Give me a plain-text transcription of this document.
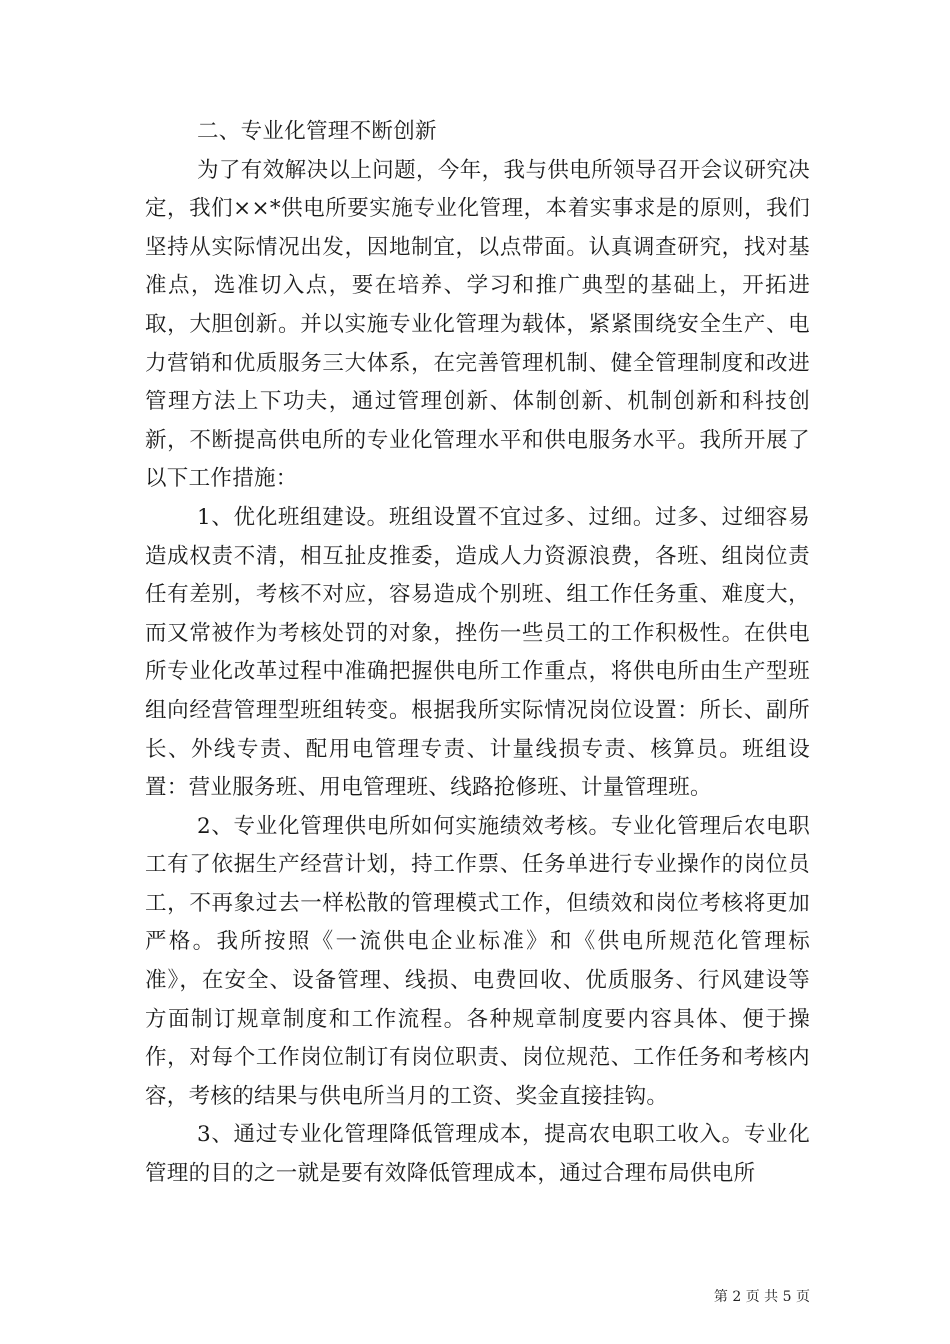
二、专业化管理不断创新

为了有效解决以上问题，今年，我与供电所领导召开会议研究决定，我们××*供电所要实施专业化管理，本着实事求是的原则，我们坚持从实际情况出发，因地制宜，以点带面。认真调查研究，找对基准点，选准切入点，要在培养、学习和推广典型的基础上，开拓进取，大胆创新。并以实施专业化管理为载体，紧紧围绕安全生产、电力营销和优质服务三大体系，在完善管理机制、健全管理制度和改进管理方法上下功夫，通过管理创新、体制创新、机制创新和科技创新，不断提高供电所的专业化管理水平和供电服务水平。我所开展了以下工作措施：

1、优化班组建设。班组设置不宜过多、过细。过多、过细容易造成权责不清，相互扯皮推委，造成人力资源浪费，各班、组岗位责任有差别，考核不对应，容易造成个别班、组工作任务重、难度大，而又常被作为考核处罚的对象，挫伤一些员工的工作积极性。在供电所专业化改革过程中准确把握供电所工作重点，将供电所由生产型班组向经营管理型班组转变。根据我所实际情况岗位设置：所长、副所长、外线专责、配用电管理专责、计量线损专责、核算员。班组设置：营业服务班、用电管理班、线路抢修班、计量管理班。

2、专业化管理供电所如何实施绩效考核。专业化管理后农电职工有了依据生产经营计划，持工作票、任务单进行专业操作的岗位员工，不再象过去一样松散的管理模式工作，但绩效和岗位考核将更加严格。我所按照《一流供电企业标准》和《供电所规范化管理标准》，在安全、设备管理、线损、电费回收、优质服务、行风建设等方面制订规章制度和工作流程。各种规章制度要内容具体、便于操作，对每个工作岗位制订有岗位职责、岗位规范、工作任务和考核内容，考核的结果与供电所当月的工资、奖金直接挂钩。

3、通过专业化管理降低管理成本，提高农电职工收入。专业化管理的目的之一就是要有效降低管理成本，通过合理布局供电所

第 2 页 共 5 页
